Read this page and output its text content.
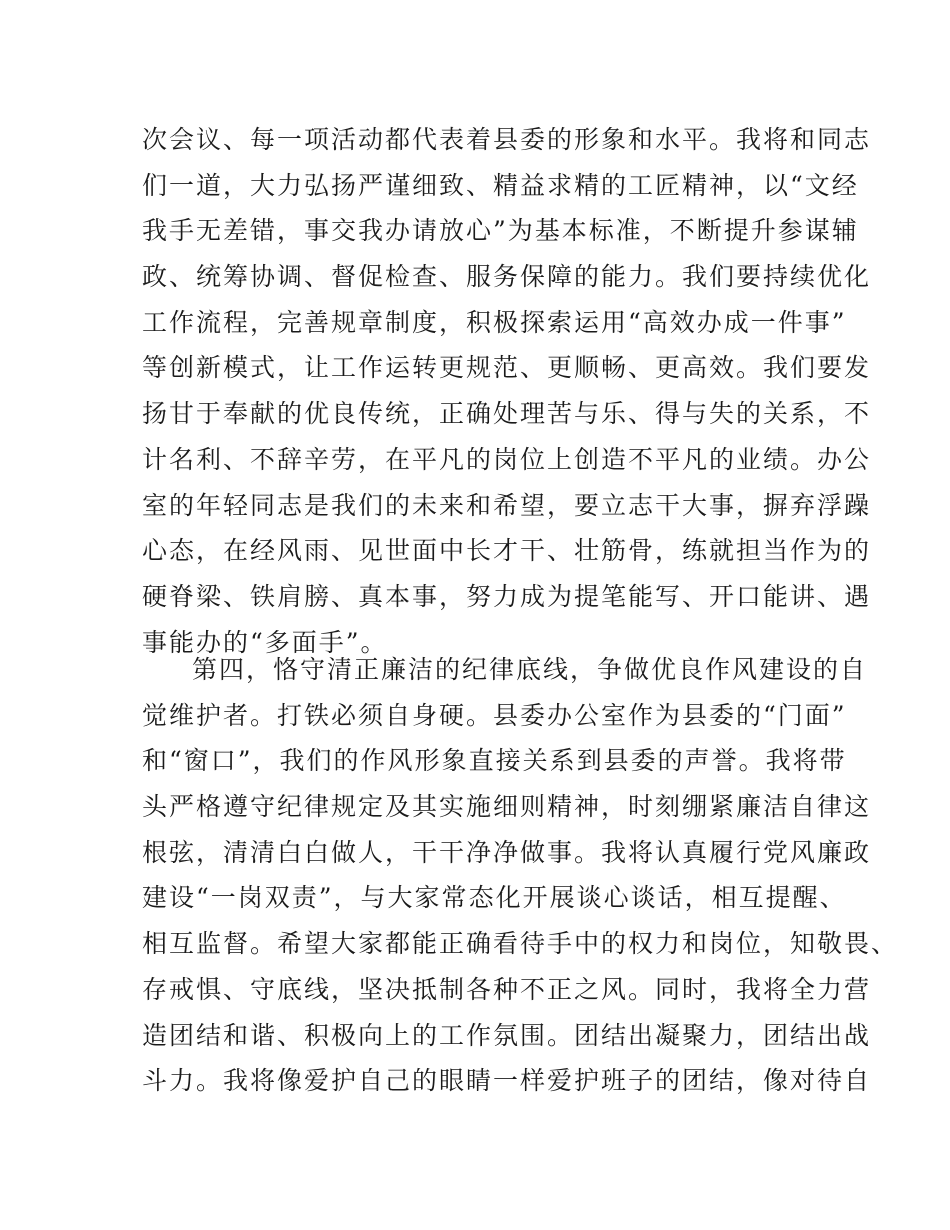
次会议、每一项活动都代表着县委的形象和水平。我将和同志
们一道，大力弘扬严谨细致、精益求精的工匠精神，以“文经
我手无差错，事交我办请放心”为基本标准，不断提升参谋辅
政、统筹协调、督促检查、服务保障的能力。我们要持续优化
工作流程，完善规章制度，积极探索运用“高效办成一件事”
等创新模式，让工作运转更规范、更顺畅、更高效。我们要发
扬甘于奉献的优良传统，正确处理苦与乐、得与失的关系，不
计名利、不辞辛劳，在平凡的岗位上创造不平凡的业绩。办公
室的年轻同志是我们的未来和希望，要立志干大事，摒弃浮躁
心态，在经风雨、见世面中长才干、壮筋骨，练就担当作为的
硬脊梁、铁肩膀、真本事，努力成为提笔能写、开口能讲、遇
事能办的“多面手”。
第四，恪守清正廉洁的纪律底线，争做优良作风建设的自
觉维护者。打铁必须自身硬。县委办公室作为县委的“门面”
和“窗口”，我们的作风形象直接关系到县委的声誉。我将带
头严格遵守纪律规定及其实施细则精神，时刻绷紧廉洁自律这
根弦，清清白白做人，干干净净做事。我将认真履行党风廉政
建设“一岗双责”，与大家常态化开展谈心谈话，相互提醒、
相互监督。希望大家都能正确看待手中的权力和岗位，知敬畏、
存戒惧、守底线，坚决抵制各种不正之风。同时，我将全力营
造团结和谐、积极向上的工作氛围。团结出凝聚力，团结出战
斗力。我将像爱护自己的眼睛一样爱护班子的团结，像对待自
